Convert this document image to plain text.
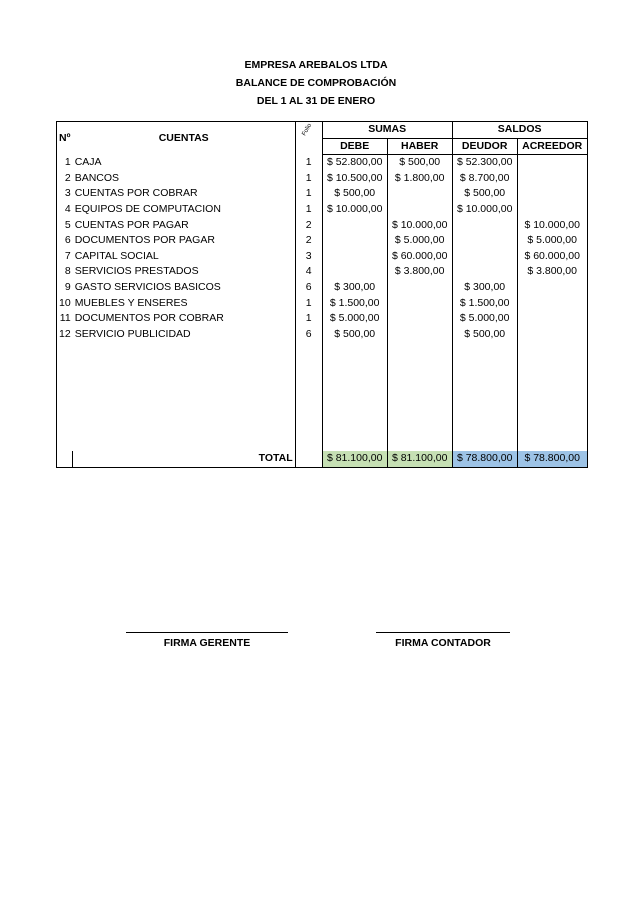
EMPRESA AREBALOS LTDA
BALANCE DE COMPROBACIÓN
DEL 1 AL 31 DE ENERO
Nº	CUENTAS	Folio	SUMAS		SALDOS	
			DEBE	HABER	DEUDOR	ACREEDOR
1	CAJA	1	$ 52.800,00	$ 500,00	$ 52.300,00	
2	BANCOS	1	$ 10.500,00	$ 1.800,00	$ 8.700,00	
3	CUENTAS POR COBRAR	1	$ 500,00		$ 500,00	
4	EQUIPOS DE COMPUTACION	1	$ 10.000,00		$ 10.000,00	
5	CUENTAS POR PAGAR	2		$ 10.000,00		$ 10.000,00
6	DOCUMENTOS POR PAGAR	2		$ 5.000,00		$ 5.000,00
7	CAPITAL SOCIAL	3		$ 60.000,00		$ 60.000,00
8	SERVICIOS PRESTADOS	4		$ 3.800,00		$ 3.800,00
9	GASTO SERVICIOS BASICOS	6	$ 300,00		$ 300,00	
10	MUEBLES Y ENSERES	1	$ 1.500,00		$ 1.500,00	
11	DOCUMENTOS POR COBRAR	1	$ 5.000,00		$ 5.000,00	
12	SERVICIO PUBLICIDAD	6	$ 500,00		$ 500,00	

	TOTAL		$ 81.100,00	$ 81.100,00	$ 78.800,00	$ 78.800,00
FIRMA GERENTE	FIRMA CONTADOR
